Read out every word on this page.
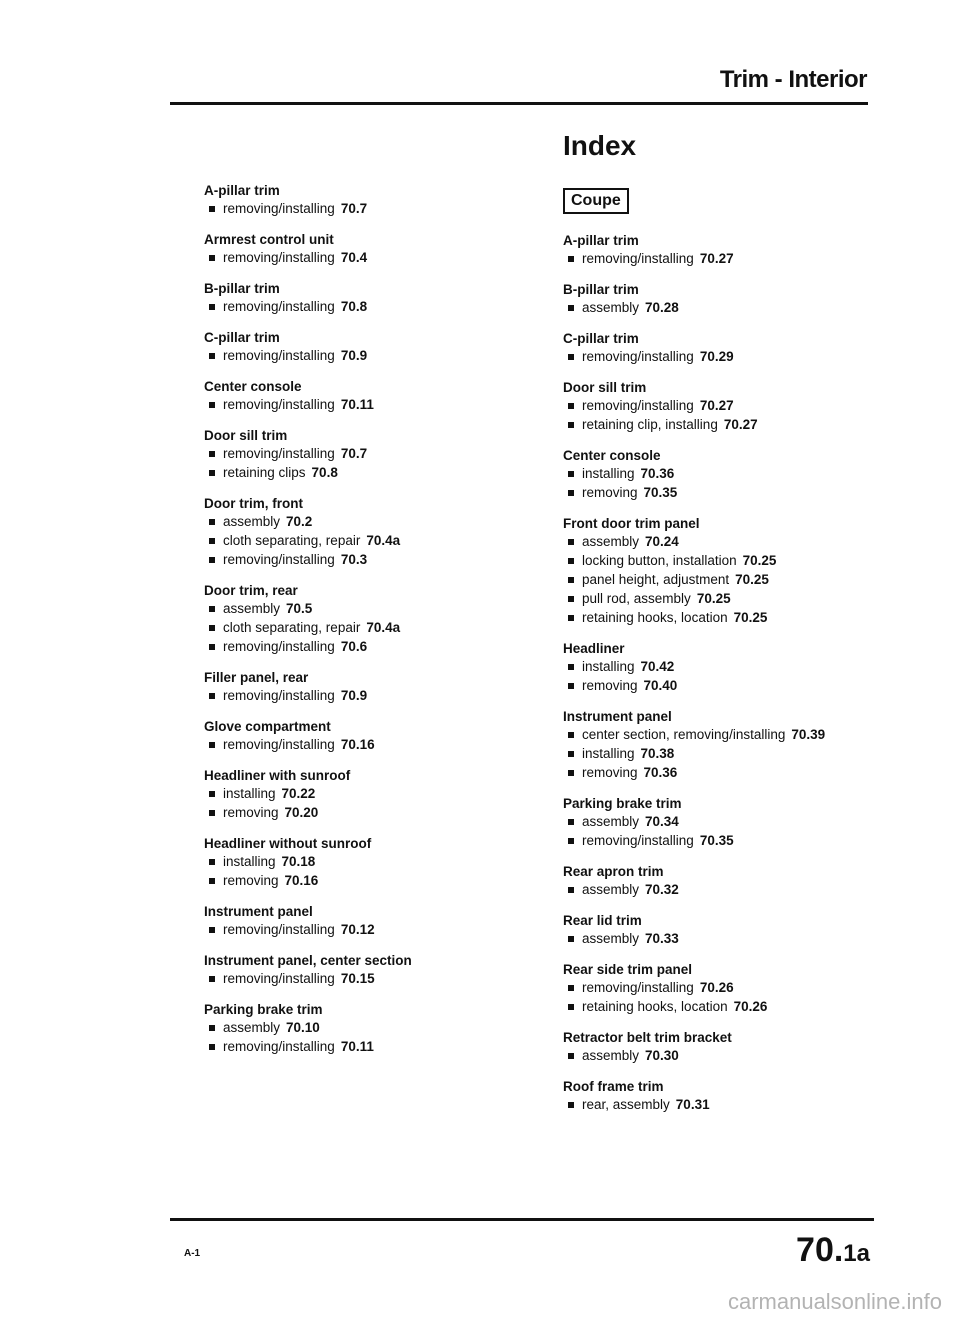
Trim - Interior
Index
Coupe
A-pillar trim
removing/installing 70.7
Armrest control unit
removing/installing 70.4
B-pillar trim
removing/installing 70.8
C-pillar trim
removing/installing 70.9
Center console
removing/installing 70.11
Door sill trim
removing/installing 70.7
retaining clips 70.8
Door trim, front
assembly 70.2
cloth separating, repair 70.4a
removing/installing 70.3
Door trim, rear
assembly 70.5
cloth separating, repair 70.4a
removing/installing 70.6
Filler panel, rear
removing/installing 70.9
Glove compartment
removing/installing 70.16
Headliner with sunroof
installing 70.22
removing 70.20
Headliner without sunroof
installing 70.18
removing 70.16
Instrument panel
removing/installing 70.12
Instrument panel, center section
removing/installing 70.15
Parking brake trim
assembly 70.10
removing/installing 70.11
A-pillar trim
removing/installing 70.27
B-pillar trim
assembly 70.28
C-pillar trim
removing/installing 70.29
Door sill trim
removing/installing 70.27
retaining clip, installing 70.27
Center console
installing 70.36
removing 70.35
Front door trim panel
assembly 70.24
locking button, installation 70.25
panel height, adjustment 70.25
pull rod, assembly 70.25
retaining hooks, location 70.25
Headliner
installing 70.42
removing 70.40
Instrument panel
center section, removing/installing 70.39
installing 70.38
removing 70.36
Parking brake trim
assembly 70.34
removing/installing 70.35
Rear apron trim
assembly 70.32
Rear lid trim
assembly 70.33
Rear side trim panel
removing/installing 70.26
retaining hooks, location 70.26
Retractor belt trim bracket
assembly 70.30
Roof frame trim
rear, assembly 70.31
A-1	70.1a
carmanualsonline.info
